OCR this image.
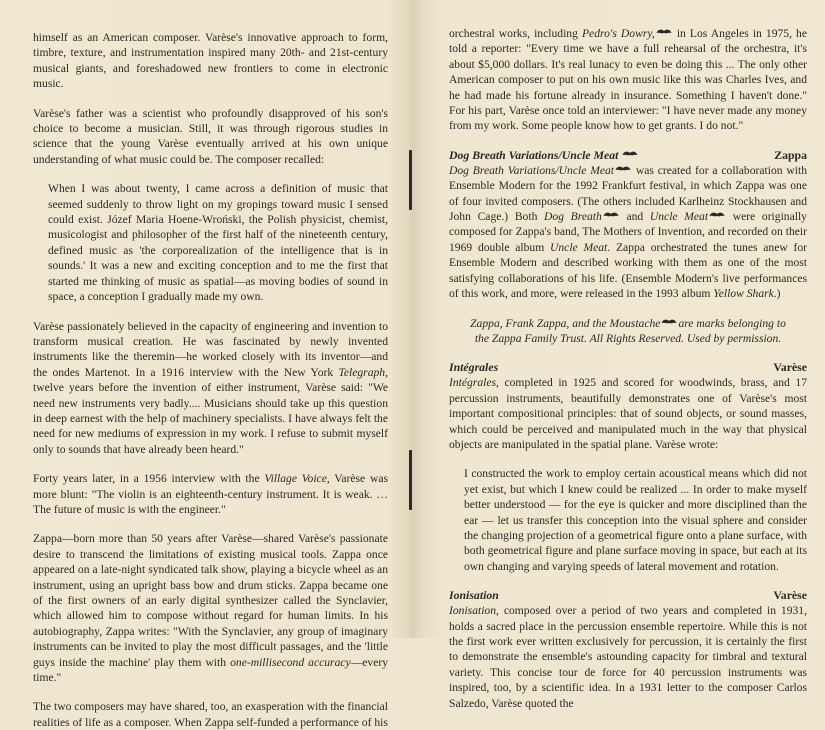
himself as an American composer. Varèse's innovative approach to form, timbre, texture, and instrumentation inspired many 20th- and 21st-century musical giants, and foreshadowed new frontiers to come in electronic music.

Varèse's father was a scientist who profoundly disapproved of his son's choice to become a musician. Still, it was through rigorous studies in science that the young Varèse eventually arrived at his own unique understanding of what music could be. The composer recalled:

When I was about twenty, I came across a definition of music that seemed suddenly to throw light on my gropings toward music I sensed could exist. Józef Maria Hoene-Wroński, the Polish physicist, chemist, musicologist and philosopher of the first half of the nineteenth century, defined music as 'the corporealization of the intelligence that is in sounds.' It was a new and exciting conception and to me the first that started me thinking of music as spatial—as moving bodies of sound in space, a conception I gradually made my own.

Varèse passionately believed in the capacity of engineering and invention to transform musical creation. He was fascinated by newly invented instruments like the theremin—he worked closely with its inventor—and the ondes Martenot. In a 1916 interview with the New York Telegraph, twelve years before the invention of either instrument, Varèse said: "We need new instruments very badly.... Musicians should take up this question in deep earnest with the help of machinery specialists. I have always felt the need for new mediums of expression in my work. I refuse to submit myself only to sounds that have already been heard."

Forty years later, in a 1956 interview with the Village Voice, Varèse was more blunt: "The violin is an eighteenth-century instrument. It is weak. … The future of music is with the engineer."

Zappa—born more than 50 years after Varèse—shared Varèse's passionate desire to transcend the limitations of existing musical tools. Zappa once appeared on a late-night syndicated talk show, playing a bicycle wheel as an instrument, using an upright bass bow and drum sticks. Zappa became one of the first owners of an early digital synthesizer called the Synclavier, which allowed him to compose without regard for human limits. In his autobiography, Zappa writes: "With the Synclavier, any group of imaginary instruments can be invited to play the most difficult passages, and the 'little guys inside the machine' play them with one-millisecond accuracy—every time."

The two composers may have shared, too, an exasperation with the financial realities of life as a composer. When Zappa self-funded a performance of his

orchestral works, including Pedro's Dowry, in Los Angeles in 1975, he told a reporter: "Every time we have a full rehearsal of the orchestra, it's about $5,000 dollars. It's real lunacy to even be doing this ... The only other American composer to put on his own music like this was Charles Ives, and he had made his fortune already in insurance. Something I haven't done." For his part, Varèse once told an interviewer: "I have never made any money from my work. Some people know how to get grants. I do not."

Dog Breath Variations/Uncle Meat	Zappa

Dog Breath Variations/Uncle Meat was created for a collaboration with Ensemble Modern for the 1992 Frankfurt festival, in which Zappa was one of four invited composers. (The others included Karlheinz Stockhausen and John Cage.) Both Dog Breath and Uncle Meat were originally composed for Zappa's band, The Mothers of Invention, and recorded on their 1969 double album Uncle Meat. Zappa orchestrated the tunes anew for Ensemble Modern and described working with them as one of the most satisfying collaborations of his life. (Ensemble Modern's live performances of this work, and more, were released in the 1993 album Yellow Shark.)

Zappa, Frank Zappa, and the Moustache are marks belonging to the Zappa Family Trust. All Rights Reserved. Used by permission.
Intégrales	Varèse

Intégrales, completed in 1925 and scored for woodwinds, brass, and 17 percussion instruments, beautifully demonstrates one of Varèse's most important compositional principles: that of sound objects, or sound masses, which could be perceived and manipulated much in the way that physical objects are manipulated in the spatial plane. Varèse wrote:

I constructed the work to employ certain acoustical means which did not yet exist, but which I knew could be realized ... In order to make myself better understood — for the eye is quicker and more disciplined than the ear — let us transfer this conception into the visual sphere and consider the changing projection of a geometrical figure onto a plane surface, with both geometrical figure and plane surface moving in space, but each at its own changing and varying speeds of lateral movement and rotation.
Ionisation	Varèse

Ionisation, composed over a period of two years and completed in 1931, holds a sacred place in the percussion ensemble repertoire. While this is not the first work ever written exclusively for percussion, it is certainly the first to demonstrate the ensemble's astounding capacity for timbral and textural variety. This concise tour de force for 40 percussion instruments was inspired, too, by a scientific idea. In a 1931 letter to the composer Carlos Salzedo, Varèse quoted the
